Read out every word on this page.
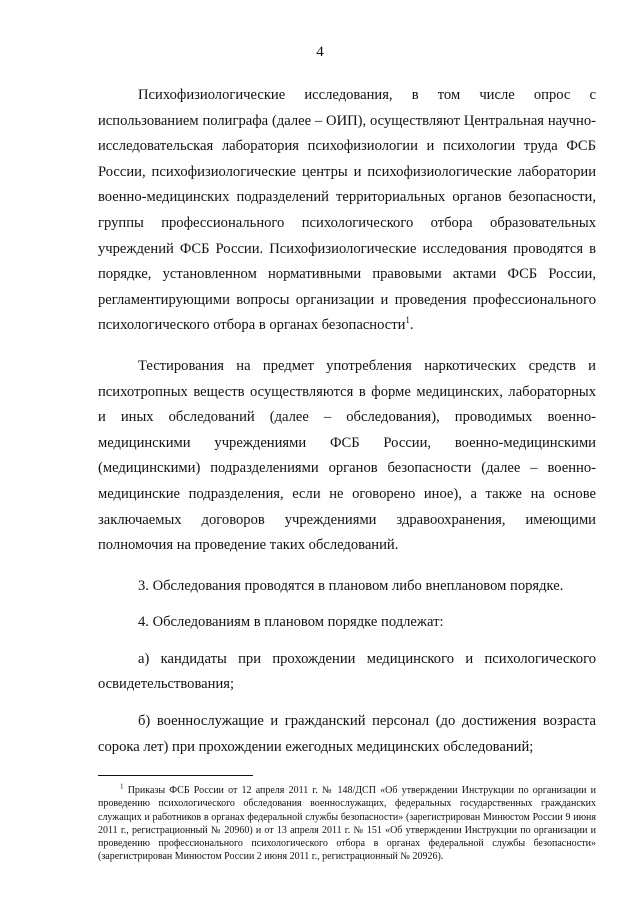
4

Психофизиологические исследования, в том числе опрос с использованием полиграфа (далее – ОИП), осуществляют Центральная научно-исследовательская лаборатория психофизиологии и психологии труда ФСБ России, психофизиологические центры и психофизиологические лаборатории военно-медицинских подразделений территориальных органов безопасности, группы профессионального психологического отбора образовательных учреждений ФСБ России. Психофизиологические исследования проводятся в порядке, установленном нормативными правовыми актами ФСБ России, регламентирующими вопросы организации и проведения профессионального психологического отбора в органах безопасности$^1$.

Тестирования на предмет употребления наркотических средств и психотропных веществ осуществляются в форме медицинских, лабораторных и иных обследований (далее – обследования), проводимых военно-медицинскими учреждениями ФСБ России, военно-медицинскими (медицинскими) подразделениями органов безопасности (далее – военно-медицинские подразделения, если не оговорено иное), а также на основе заключаемых договоров учреждениями здравоохранения, имеющими полномочия на проведение таких обследований.

3. Обследования проводятся в плановом либо внеплановом порядке.

4. Обследованиям в плановом порядке подлежат:

а) кандидаты при прохождении медицинского и психологического освидетельствования;

б) военнослужащие и гражданский персонал (до достижения возраста сорока лет) при прохождении ежегодных медицинских обследований;

$^1$ Приказы ФСБ России от 12 апреля 2011 г. № 148/ДСП «Об утверждении Инструкции по организации и проведению психологического обследования военнослужащих, федеральных государственных гражданских служащих и работников в органах федеральной службы безопасности» (зарегистрирован Минюстом России 9 июня 2011 г., регистрационный № 20960) и от 13 апреля 2011 г. № 151 «Об утверждении Инструкции по организации и проведению профессионального психологического отбора в органах федеральной службы безопасности» (зарегистрирован Минюстом России 2 июня 2011 г., регистрационный № 20926).
